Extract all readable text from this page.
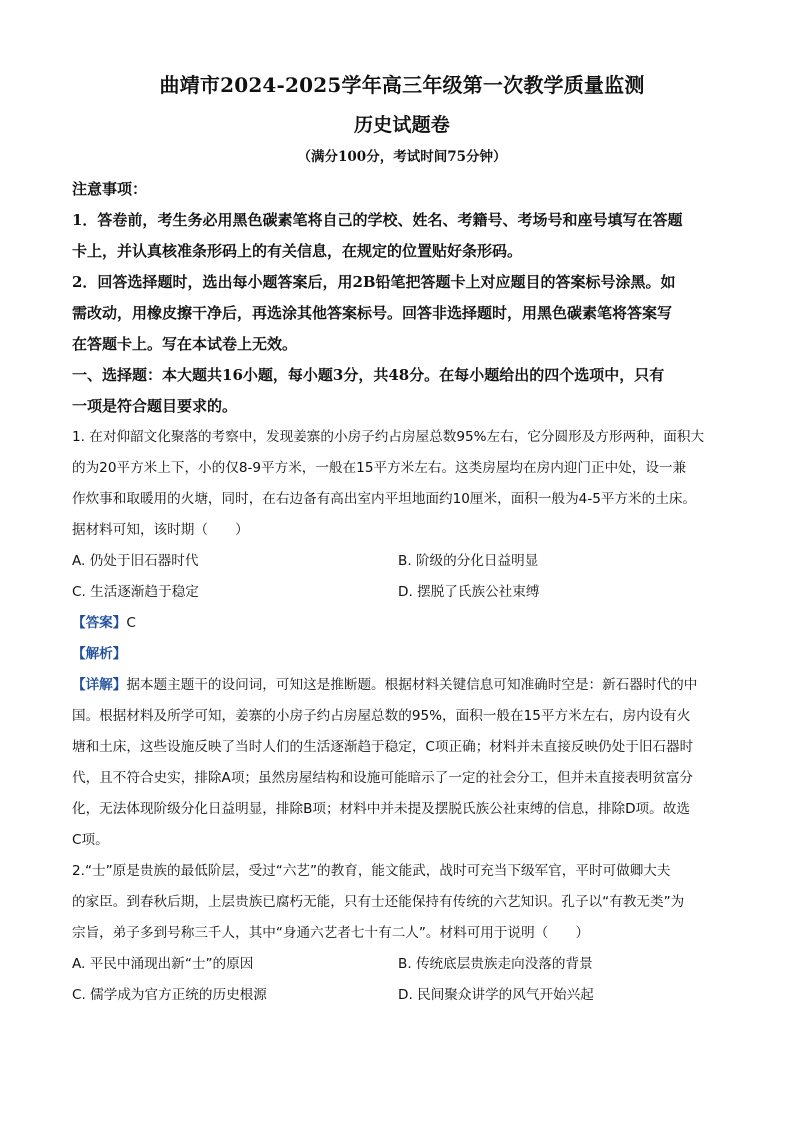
曲靖市2024-2025学年高三年级第一次教学质量监测
历史试题卷
（满分100分，考试时间75分钟）

注意事项：

1．答卷前，考生务必用黑色碳素笔将自己的学校、姓名、考籍号、考场号和座号填写在答题

卡上，并认真核准条形码上的有关信息，在规定的位置贴好条形码。

2．回答选择题时，选出每小题答案后，用2B铅笔把答题卡上对应题目的答案标号涂黑。如

需改动，用橡皮擦干净后，再选涂其他答案标号。回答非选择题时，用黑色碳素笔将答案写

在答题卡上。写在本试卷上无效。

一、选择题：本大题共16小题，每小题3分，共48分。在每小题给出的四个选项中，只有

一项是符合题目要求的。

1. 在对仰韶文化聚落的考察中，发现姜寨的小房子约占房屋总数95%左右，它分圆形及方形两种，面积大

的为20平方米上下，小的仅8-9平方米，一般在15平方米左右。这类房屋均在房内迎门正中处，设一兼

作炊事和取暖用的火塘，同时，在右边备有高出室内平坦地面约10厘米，面积一般为4-5平方米的土床。

据材料可知，该时期（　　）

A. 仍处于旧石器时代	B. 阶级的分化日益明显
C. 生活逐渐趋于稳定	D. 摆脱了氏族公社束缚

【答案】C

【解析】

【详解】据本题主题干的设问词，可知这是推断题。根据材料关键信息可知准确时空是：新石器时代的中

国。根据材料及所学可知，姜寨的小房子约占房屋总数的95%，面积一般在15平方米左右，房内设有火

塘和土床，这些设施反映了当时人们的生活逐渐趋于稳定，C项正确；材料并未直接反映仍处于旧石器时

代，且不符合史实，排除A项；虽然房屋结构和设施可能暗示了一定的社会分工，但并未直接表明贫富分

化，无法体现阶级分化日益明显，排除B项；材料中并未提及摆脱氏族公社束缚的信息，排除D项。故选

C项。

2.“士”原是贵族的最低阶层，受过“六艺”的教育，能文能武，战时可充当下级军官，平时可做卿大夫

的家臣。到春秋后期，上层贵族已腐朽无能，只有士还能保持有传统的六艺知识。孔子以“有教无类”为

宗旨，弟子多到号称三千人，其中“身通六艺者七十有二人”。材料可用于说明（　　）

A. 平民中涌现出新“士”的原因	B. 传统底层贵族走向没落的背景
C. 儒学成为官方正统的历史根源	D. 民间聚众讲学的风气开始兴起
